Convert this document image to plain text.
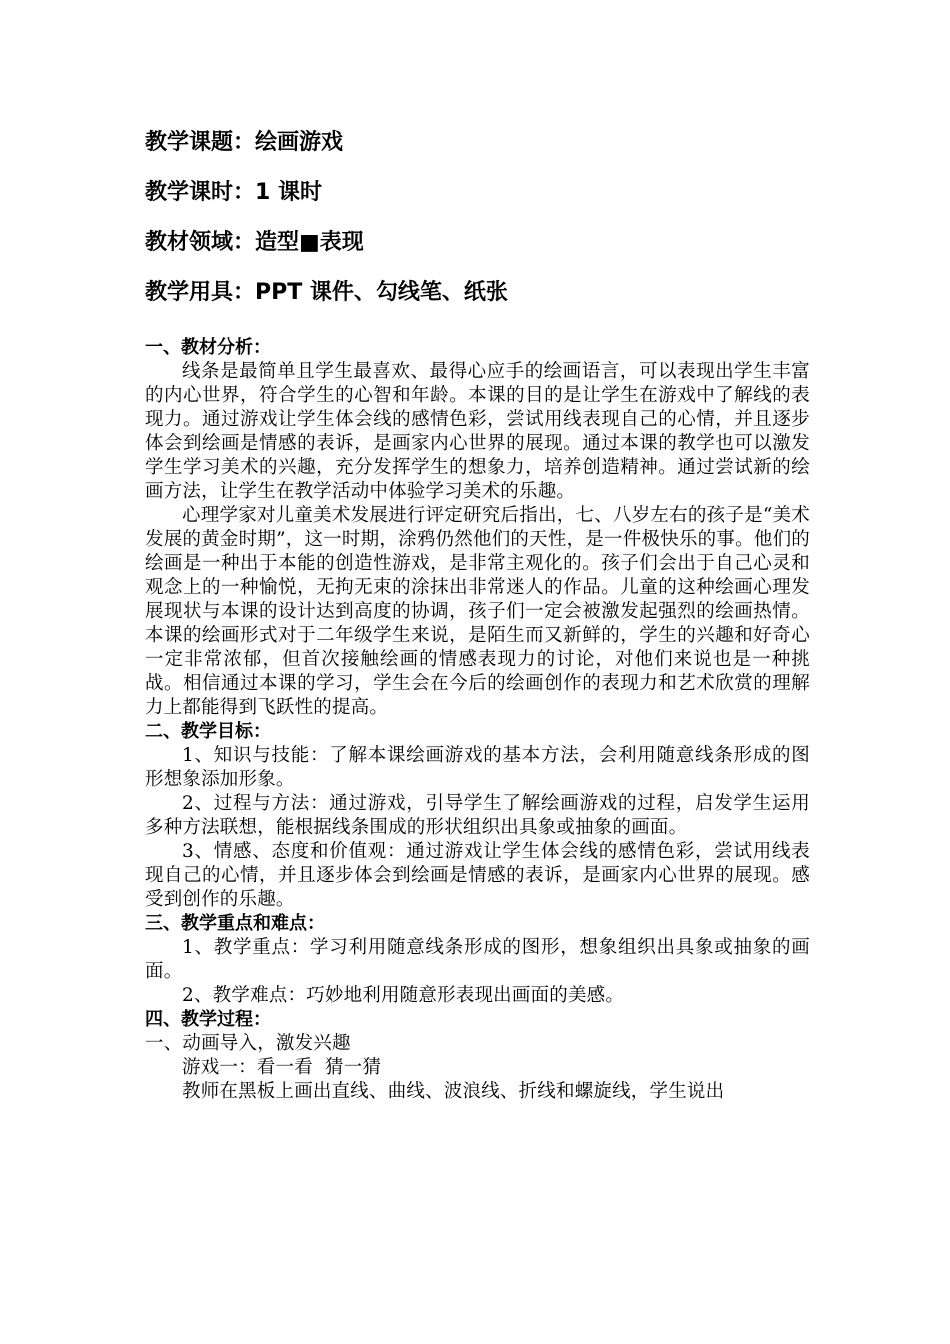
教学课题：绘画游戏
教学课时：1 课时
教材领域：造型■表现
教学用具：PPT 课件、勾线笔、纸张
一、教材分析：

线条是最简单且学生最喜欢、最得心应手的绘画语言，可以表现出学生丰富的内心世界，符合学生的心智和年龄。本课的目的是让学生在游戏中了解线的表现力。通过游戏让学生体会线的感情色彩，尝试用线表现自己的心情，并且逐步体会到绘画是情感的表诉，是画家内心世界的展现。通过本课的教学也可以激发学生学习美术的兴趣，充分发挥学生的想象力，培养创造精神。通过尝试新的绘画方法，让学生在教学活动中体验学习美术的乐趣。

心理学家对儿童美术发展进行评定研究后指出，七、八岁左右的孩子是“美术发展的黄金时期”，这一时期，涂鸦仍然他们的天性，是一件极快乐的事。他们的绘画是一种出于本能的创造性游戏，是非常主观化的。孩子们会出于自己心灵和观念上的一种愉悦，无拘无束的涂抹出非常迷人的作品。儿童的这种绘画心理发展现状与本课的设计达到高度的协调，孩子们一定会被激发起强烈的绘画热情。本课的绘画形式对于二年级学生来说，是陌生而又新鲜的，学生的兴趣和好奇心一定非常浓郁，但首次接触绘画的情感表现力的讨论，对他们来说也是一种挑战。相信通过本课的学习，学生会在今后的绘画创作的表现力和艺术欣赏的理解力上都能得到飞跃性的提高。

二、教学目标：

1、知识与技能：了解本课绘画游戏的基本方法，会利用随意线条形成的图形想象添加形象。

2、过程与方法：通过游戏，引导学生了解绘画游戏的过程，启发学生运用多种方法联想，能根据线条围成的形状组织出具象或抽象的画面。

3、情感、态度和价值观：通过游戏让学生体会线的感情色彩，尝试用线表现自己的心情，并且逐步体会到绘画是情感的表诉，是画家内心世界的展现。感受到创作的乐趣。

三、教学重点和难点：

1、教学重点：学习利用随意线条形成的图形，想象组织出具象或抽象的画面。

2、教学难点：巧妙地利用随意形表现出画面的美感。

四、教学过程：

一、动画导入，激发兴趣

游戏一：看一看  猜一猜

教师在黑板上画出直线、曲线、波浪线、折线和螺旋线，学生说出
